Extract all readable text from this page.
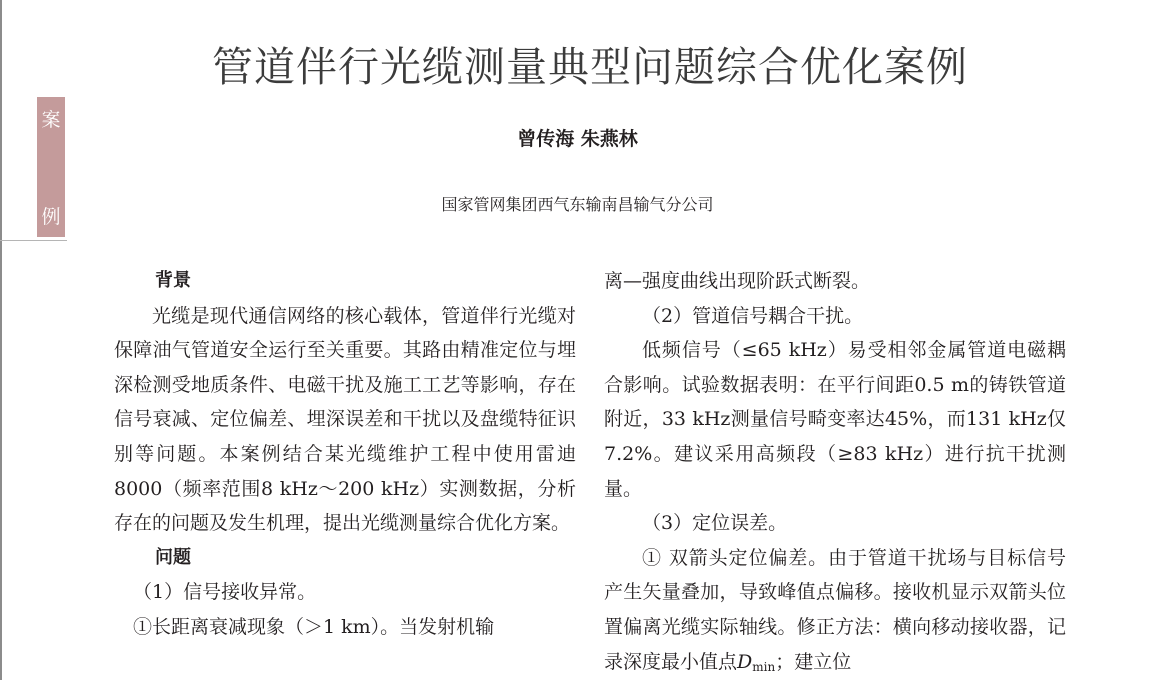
案
例
管道伴行光缆测量典型问题综合优化案例
曾传海 朱燕林
国家管网集团西气东输南昌输气分公司

背景

光缆是现代通信网络的核心载体，管道伴行光缆对保障油气管道安全运行至关重要。其路由精准定位与埋深检测受地质条件、电磁干扰及施工工艺等影响，存在信号衰减、定位偏差、埋深误差和干扰以及盘缆特征识别等问题。本案例结合某光缆维护工程中使用雷迪8000（频率范围8 kHz～200 kHz）实测数据，分析存在的问题及发生机理，提出光缆测量综合优化方案。

问题

（1）信号接收异常。

①长距离衰减现象（＞1 km）。当发射机输

离—强度曲线出现阶跃式断裂。

（2）管道信号耦合干扰。

低频信号（≤65 kHz）易受相邻金属管道电磁耦合影响。试验数据表明：在平行间距0.5 m的铸铁管道附近，33 kHz测量信号畸变率达45%，而131 kHz仅7.2%。建议采用高频段（≥83 kHz）进行抗干扰测量。

（3）定位误差。

① 双箭头定位偏差。由于管道干扰场与目标信号产生矢量叠加，导致峰值点偏移。接收机显示双箭头位置偏离光缆实际轴线。修正方法：横向移动接收器，记录深度最小值点$D_{min}$；建立位
